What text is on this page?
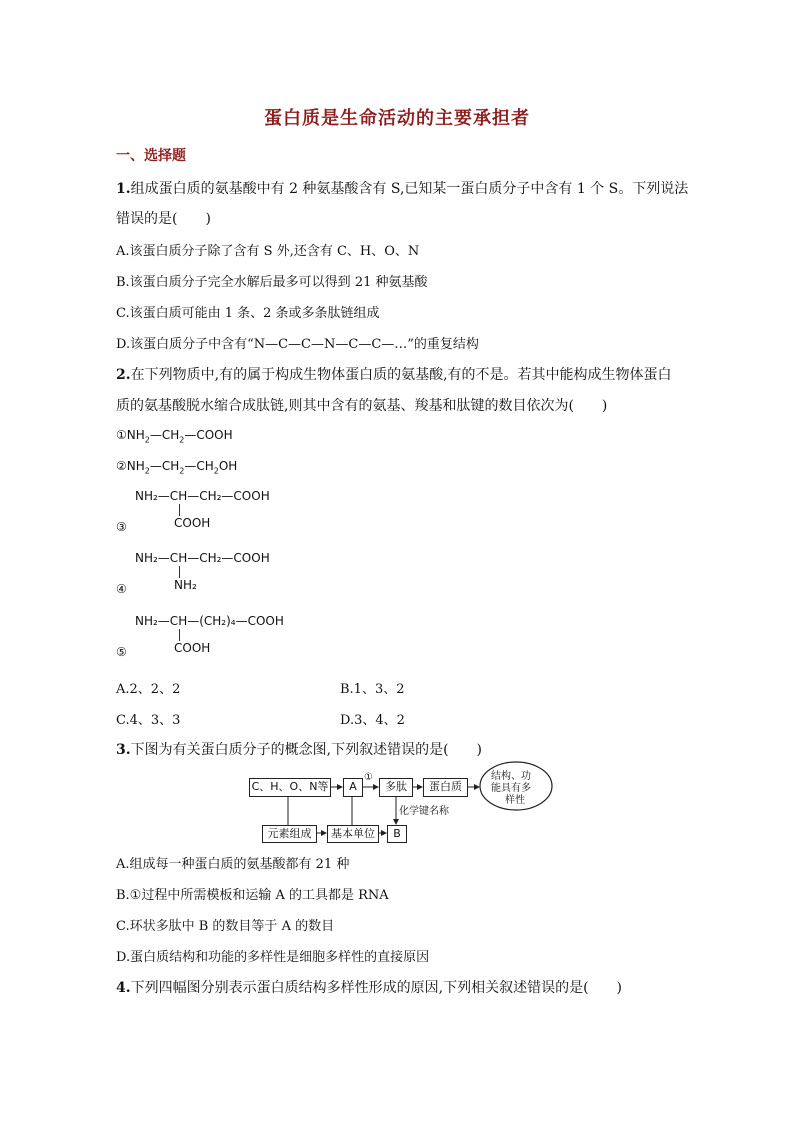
蛋白质是生命活动的主要承担者
一、选择题
1.组成蛋白质的氨基酸中有 2 种氨基酸含有 S,已知某一蛋白质分子中含有 1 个 S。下列说法
错误的是(　　)
A.该蛋白质分子除了含有 S 外,还含有 C、H、O、N
B.该蛋白质分子完全水解后最多可以得到 21 种氨基酸
C.该蛋白质可能由 1 条、2 条或多条肽链组成
D.该蛋白质分子中含有“N—C—C—N—C—C—…”的重复结构
2.在下列物质中,有的属于构成生物体蛋白质的氨基酸,有的不是。若其中能构成生物体蛋白
质的氨基酸脱水缩合成肽链,则其中含有的氨基、羧基和肽键的数目依次为(　　)
$①NH_2—CH_2—COOH$
$②NH_2—CH_2—CH_2OH$
NH₂—CH—CH₂—COOH
COOH
③
NH₂—CH—CH₂—COOH
NH₂
④
NH₂—CH—(CH₂)₄—COOH
COOH
⑤
A.2、2、2	B.1、3、2
C.4、3、3	D.3、4、2
3.下图为有关蛋白质分子的概念图,下列叙述错误的是(　　)
C、H、O、N等	A
①
多肽	蛋白质
结构、功
能具有多
样性
化学键名称
元素组成	基本单位	B
A.组成每一种蛋白质的氨基酸都有 21 种
B.①过程中所需模板和运输 A 的工具都是 RNA
C.环状多肽中 B 的数目等于 A 的数目
D.蛋白质结构和功能的多样性是细胞多样性的直接原因
4.下列四幅图分别表示蛋白质结构多样性形成的原因,下列相关叙述错误的是(　　)
